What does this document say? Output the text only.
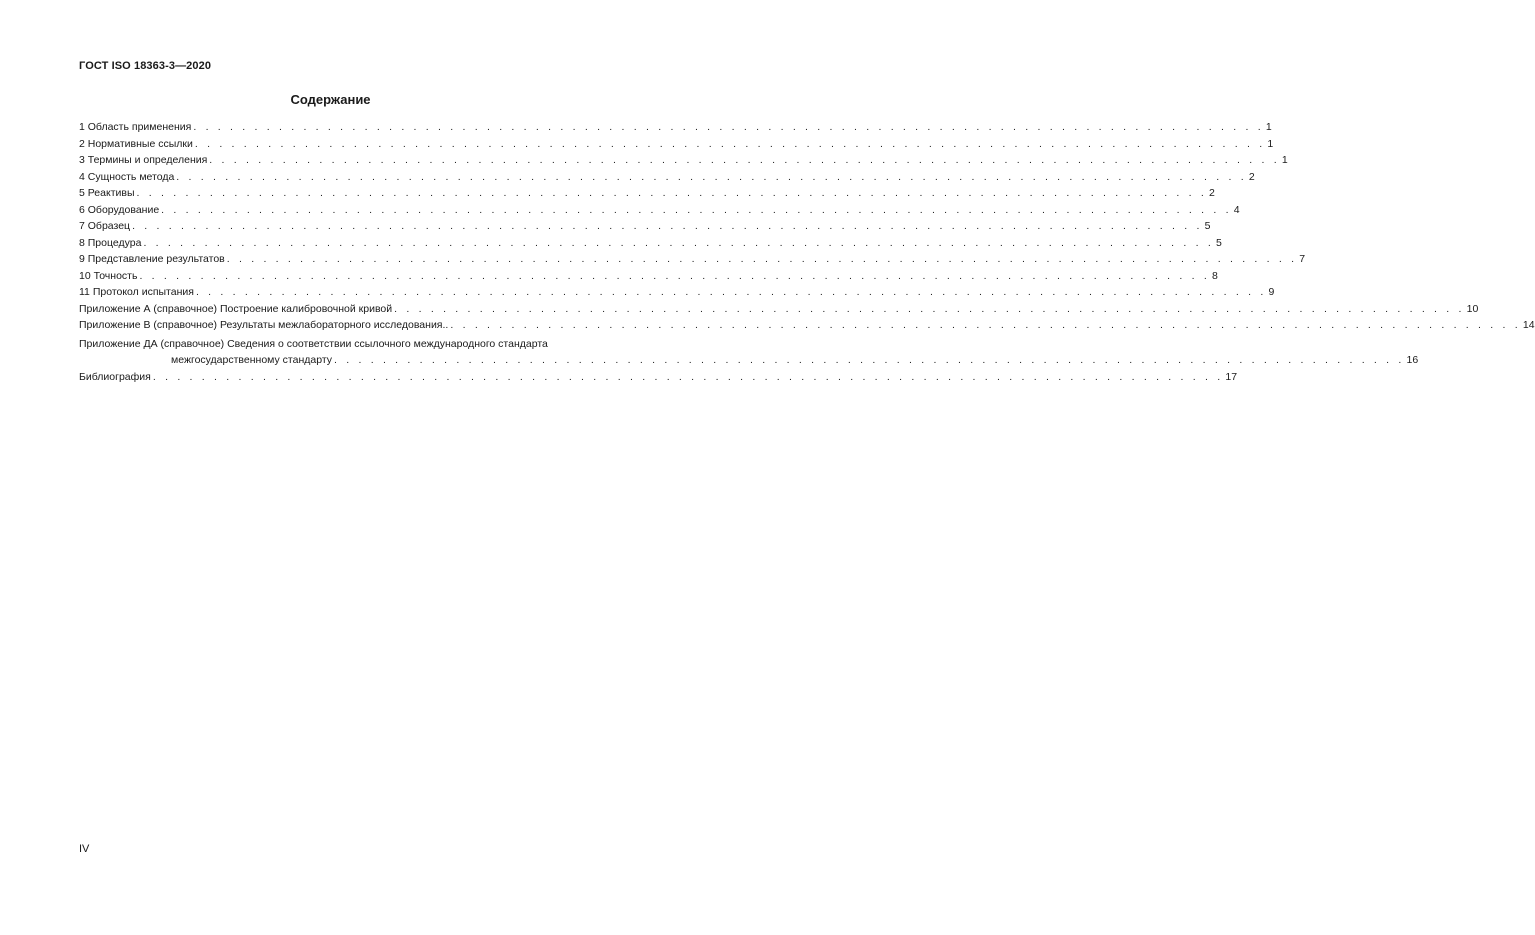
ГОСТ ISO 18363-3—2020
Содержание
1 Область применения . . . . . . . . . . . . . . . . . . . . . . . . . . . . . . . . . . . . . . . . . . . . . . . . . . . . . . . . . . . . . . . . . . . . . . . . . . . . . . . . . . . . . . . . 1
2 Нормативные ссылки . . . . . . . . . . . . . . . . . . . . . . . . . . . . . . . . . . . . . . . . . . . . . . . . . . . . . . . . . . . . . . . . . . . . . . . . . . . . . . . . . . . . . . . . 1
3 Термины и определения . . . . . . . . . . . . . . . . . . . . . . . . . . . . . . . . . . . . . . . . . . . . . . . . . . . . . . . . . . . . . . . . . . . . . . . . . . . . . . . . . . . . . . . . 1
4 Сущность метода . . . . . . . . . . . . . . . . . . . . . . . . . . . . . . . . . . . . . . . . . . . . . . . . . . . . . . . . . . . . . . . . . . . . . . . . . . . . . . . . . . . . . . . . 2
5 Реактивы . . . . . . . . . . . . . . . . . . . . . . . . . . . . . . . . . . . . . . . . . . . . . . . . . . . . . . . . . . . . . . . . . . . . . . . . . . . . . . . . . . . . . . . . 2
6 Оборудование . . . . . . . . . . . . . . . . . . . . . . . . . . . . . . . . . . . . . . . . . . . . . . . . . . . . . . . . . . . . . . . . . . . . . . . . . . . . . . . . . . . . . . . . 4
7 Образец . . . . . . . . . . . . . . . . . . . . . . . . . . . . . . . . . . . . . . . . . . . . . . . . . . . . . . . . . . . . . . . . . . . . . . . . . . . . . . . . . . . . . . . . 5
8 Процедура . . . . . . . . . . . . . . . . . . . . . . . . . . . . . . . . . . . . . . . . . . . . . . . . . . . . . . . . . . . . . . . . . . . . . . . . . . . . . . . . . . . . . . . . 5
9 Представление результатов . . . . . . . . . . . . . . . . . . . . . . . . . . . . . . . . . . . . . . . . . . . . . . . . . . . . . . . . . . . . . . . . . . . . . . . . . . . . . . . . . . . . . . . . 7
10 Точность . . . . . . . . . . . . . . . . . . . . . . . . . . . . . . . . . . . . . . . . . . . . . . . . . . . . . . . . . . . . . . . . . . . . . . . . . . . . . . . . . . . . . . . . 8
11 Протокол испытания . . . . . . . . . . . . . . . . . . . . . . . . . . . . . . . . . . . . . . . . . . . . . . . . . . . . . . . . . . . . . . . . . . . . . . . . . . . . . . . . . . . . . . . . 9
Приложение А (справочное) Построение калибровочной кривой . . . . . . . . . . . . . . . . . . . . . . . . . . . . . . . . . . . . . . . . . . . . . . . . . . . . . . . . . . . . . . . . . . . . . . . . . . . . . . . . . . . . . . . . 10
Приложение В (справочное) Результаты межлабораторного исследования.. . . . . . . . . . . . . . . . . . . . . . . . . . . . . . . . . . . . . . . . . . . . . . . . . . . . . . . . . . . . . . . . . . . . . . . . . . . . . . . . . . . . . . . . . 14
Приложение ДА (справочное) Сведения о соответствии ссылочного международного стандарта
межгосударственному стандарту . . . . . . . . . . . . . . . . . . . . . . . . . . . . . . . . . . . . . . . . . . . . . . . . . . . . . . . . . . . . . . . . . . . . . . . . . . . . . . . . . . . . . . . . 16
Библиография . . . . . . . . . . . . . . . . . . . . . . . . . . . . . . . . . . . . . . . . . . . . . . . . . . . . . . . . . . . . . . . . . . . . . . . . . . . . . . . . . . . . . . . . 17
IV
